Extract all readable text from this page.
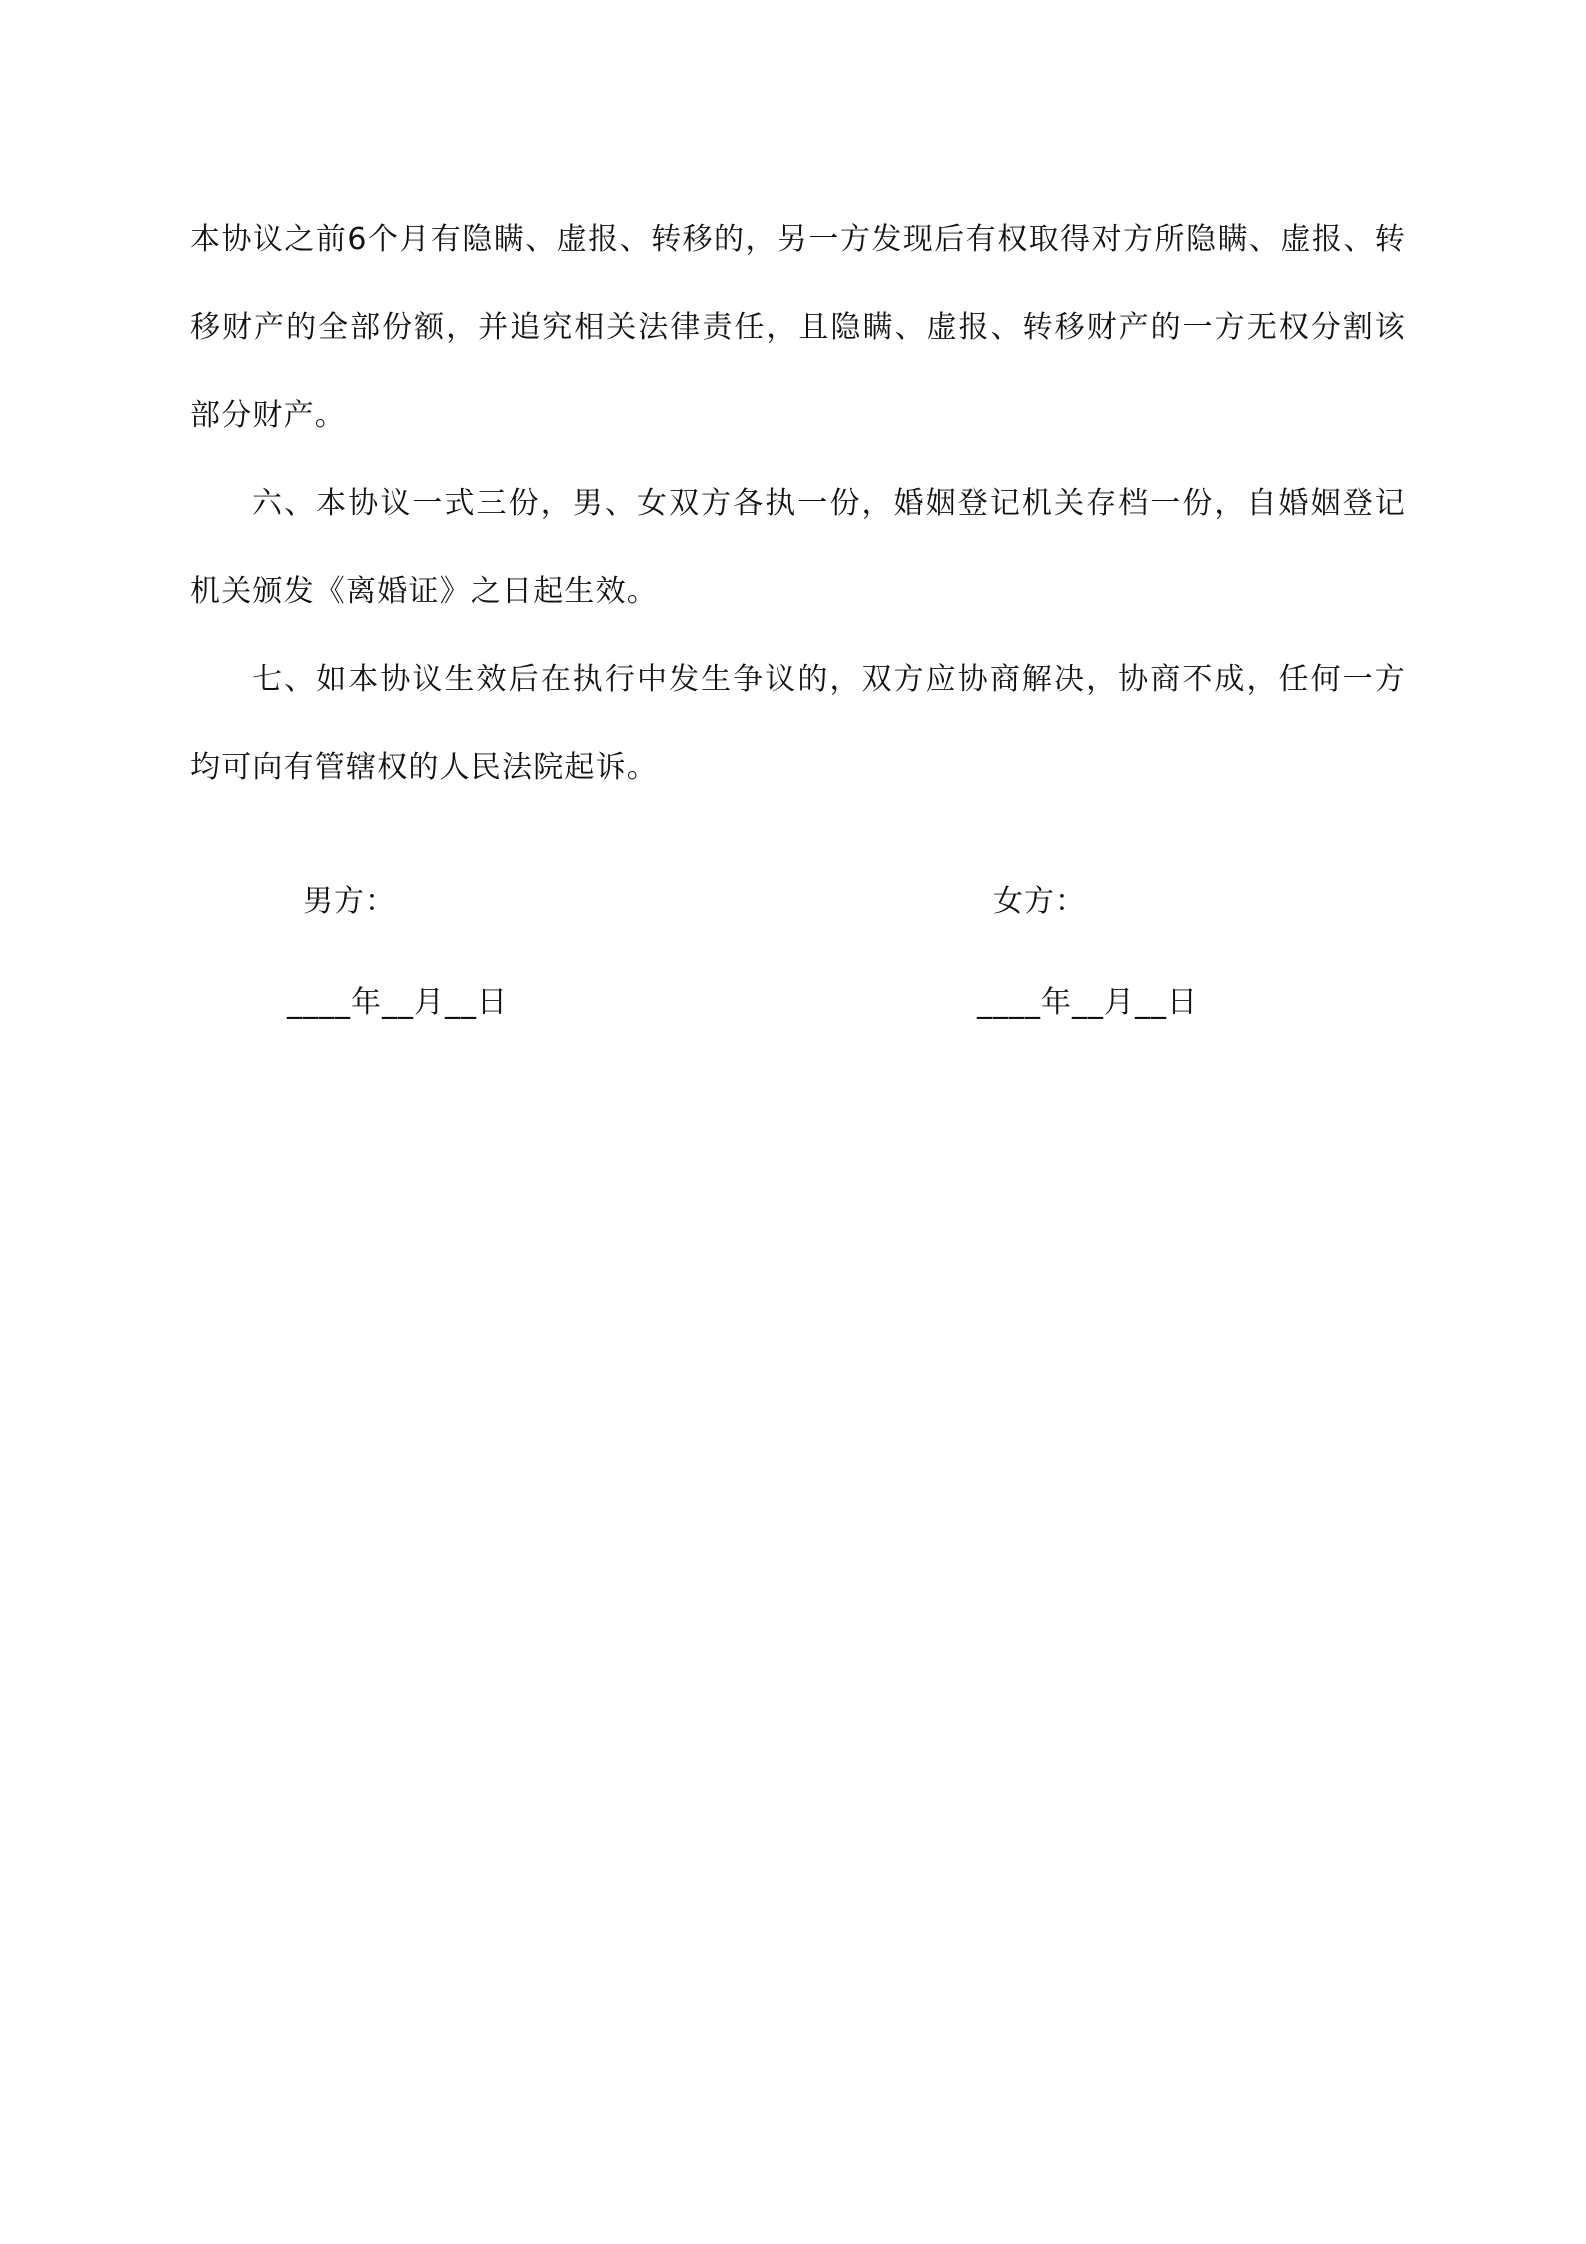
本协议之前6个月有隐瞒、虚报、转移的，另一方发现后有权取得对方所隐瞒、虚报、转移财产的全部份额，并追究相关法律责任，且隐瞒、虚报、转移财产的一方无权分割该部分财产。

六、本协议一式三份，男、女双方各执一份，婚姻登记机关存档一份，自婚姻登记机关颁发《离婚证》之日起生效。

七、如本协议生效后在执行中发生争议的，双方应协商解决，协商不成，任何一方均可向有管辖权的人民法院起诉。

男方：	女方：
____年__月__日	____年__月__日
